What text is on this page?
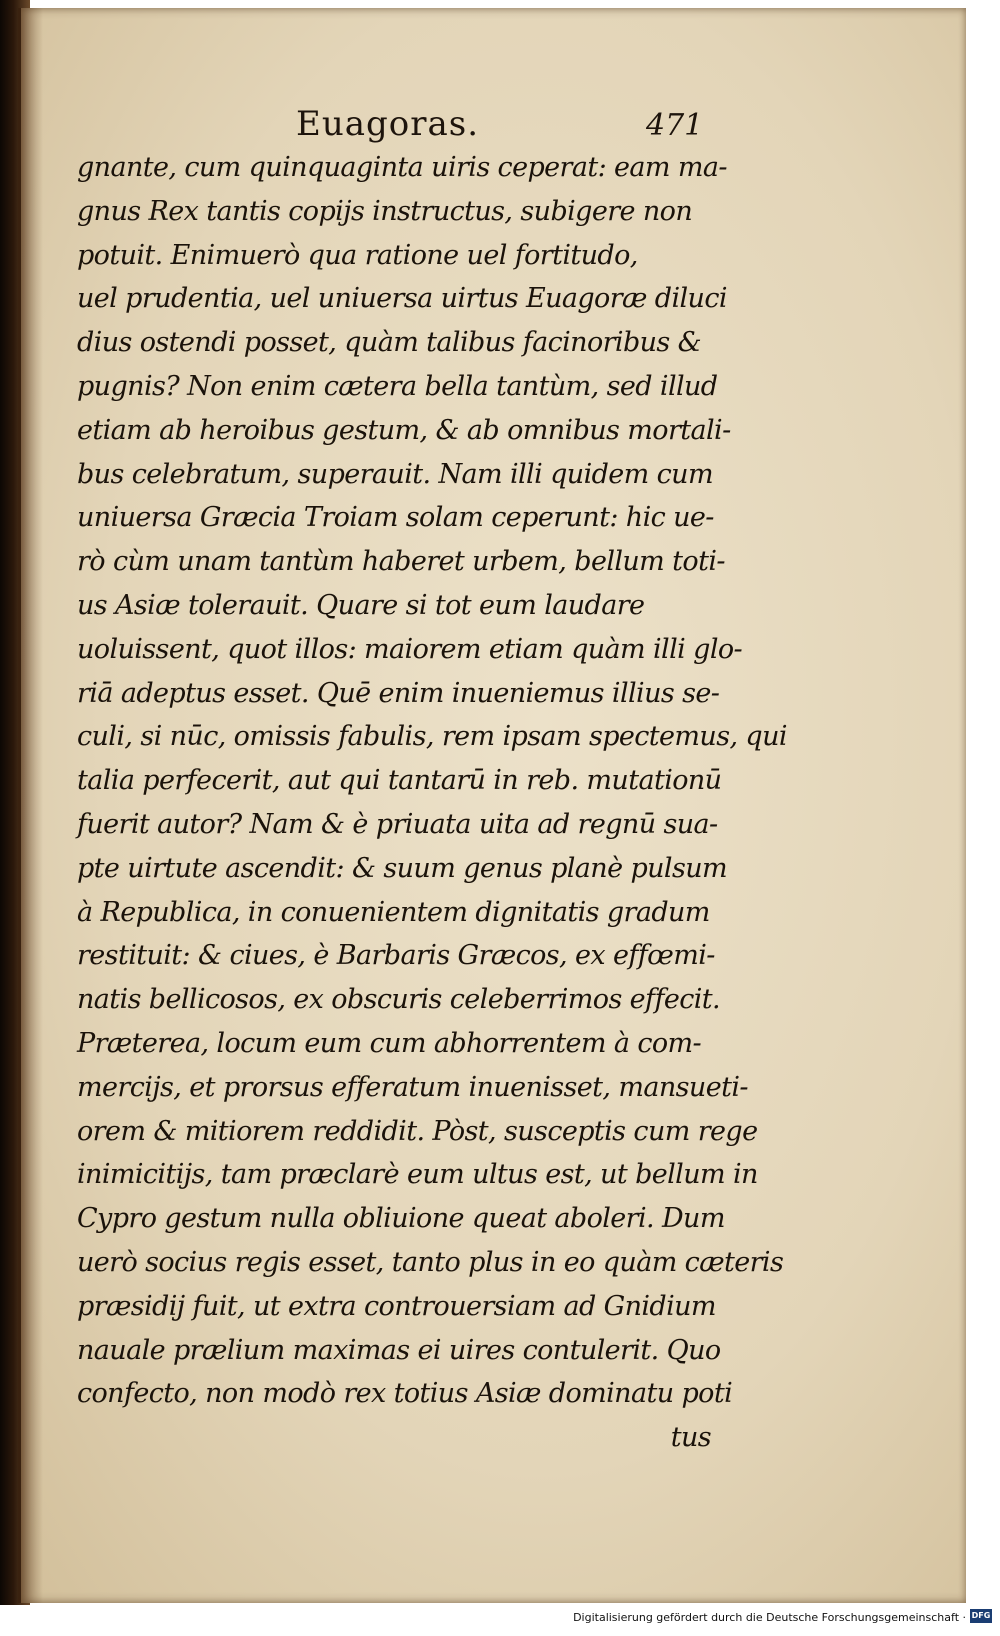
Euagoras.	471
gnante, cum quinquaginta uiris ceperat: eam ma-
gnus Rex tantis copijs instructus, subigere non
potuit. Enimuerò qua ratione uel fortitudo,
uel prudentia, uel uniuersa uirtus Euagoræ diluci
dius ostendi posset, quàm talibus facinoribus &
pugnis? Non enim cætera bella tantùm, sed illud
etiam ab heroibus gestum, & ab omnibus mortali-
bus celebratum, superauit. Nam illi quidem cum
uniuersa Græcia Troiam solam ceperunt: hic ue-
rò cùm unam tantùm haberet urbem, bellum toti-
us Asiæ tolerauit. Quare si tot eum laudare
uoluissent, quot illos: maiorem etiam quàm illi glo-
riā adeptus esset. Quē enim inueniemus illius se-
culi, si nūc, omissis fabulis, rem ipsam spectemus, qui
talia perfecerit, aut qui tantarū in reb. mutationū
fuerit autor? Nam & è priuata uita ad regnū sua-
pte uirtute ascendit: & suum genus planè pulsum
à Republica, in conuenientem dignitatis gradum
restituit: & ciues, è Barbaris Græcos, ex effœmi-
natis bellicosos, ex obscuris celeberrimos effecit.
Præterea, locum eum cum abhorrentem à com-
mercijs, et prorsus efferatum inuenisset, mansueti-
orem & mitiorem reddidit. Pòst, susceptis cum rege
inimicitijs, tam præclarè eum ultus est, ut bellum in
Cypro gestum nulla obliuione queat aboleri. Dum
uerò socius regis esset, tanto plus in eo quàm cæteris
præsidij fuit, ut extra controuersiam ad Gnidium
nauale prælium maximas ei uires contulerit. Quo
confecto, non modò rex totius Asiæ dominatu poti
tus
Digitalisierung gefördert durch die Deutsche Forschungsgemeinschaft · DFG
